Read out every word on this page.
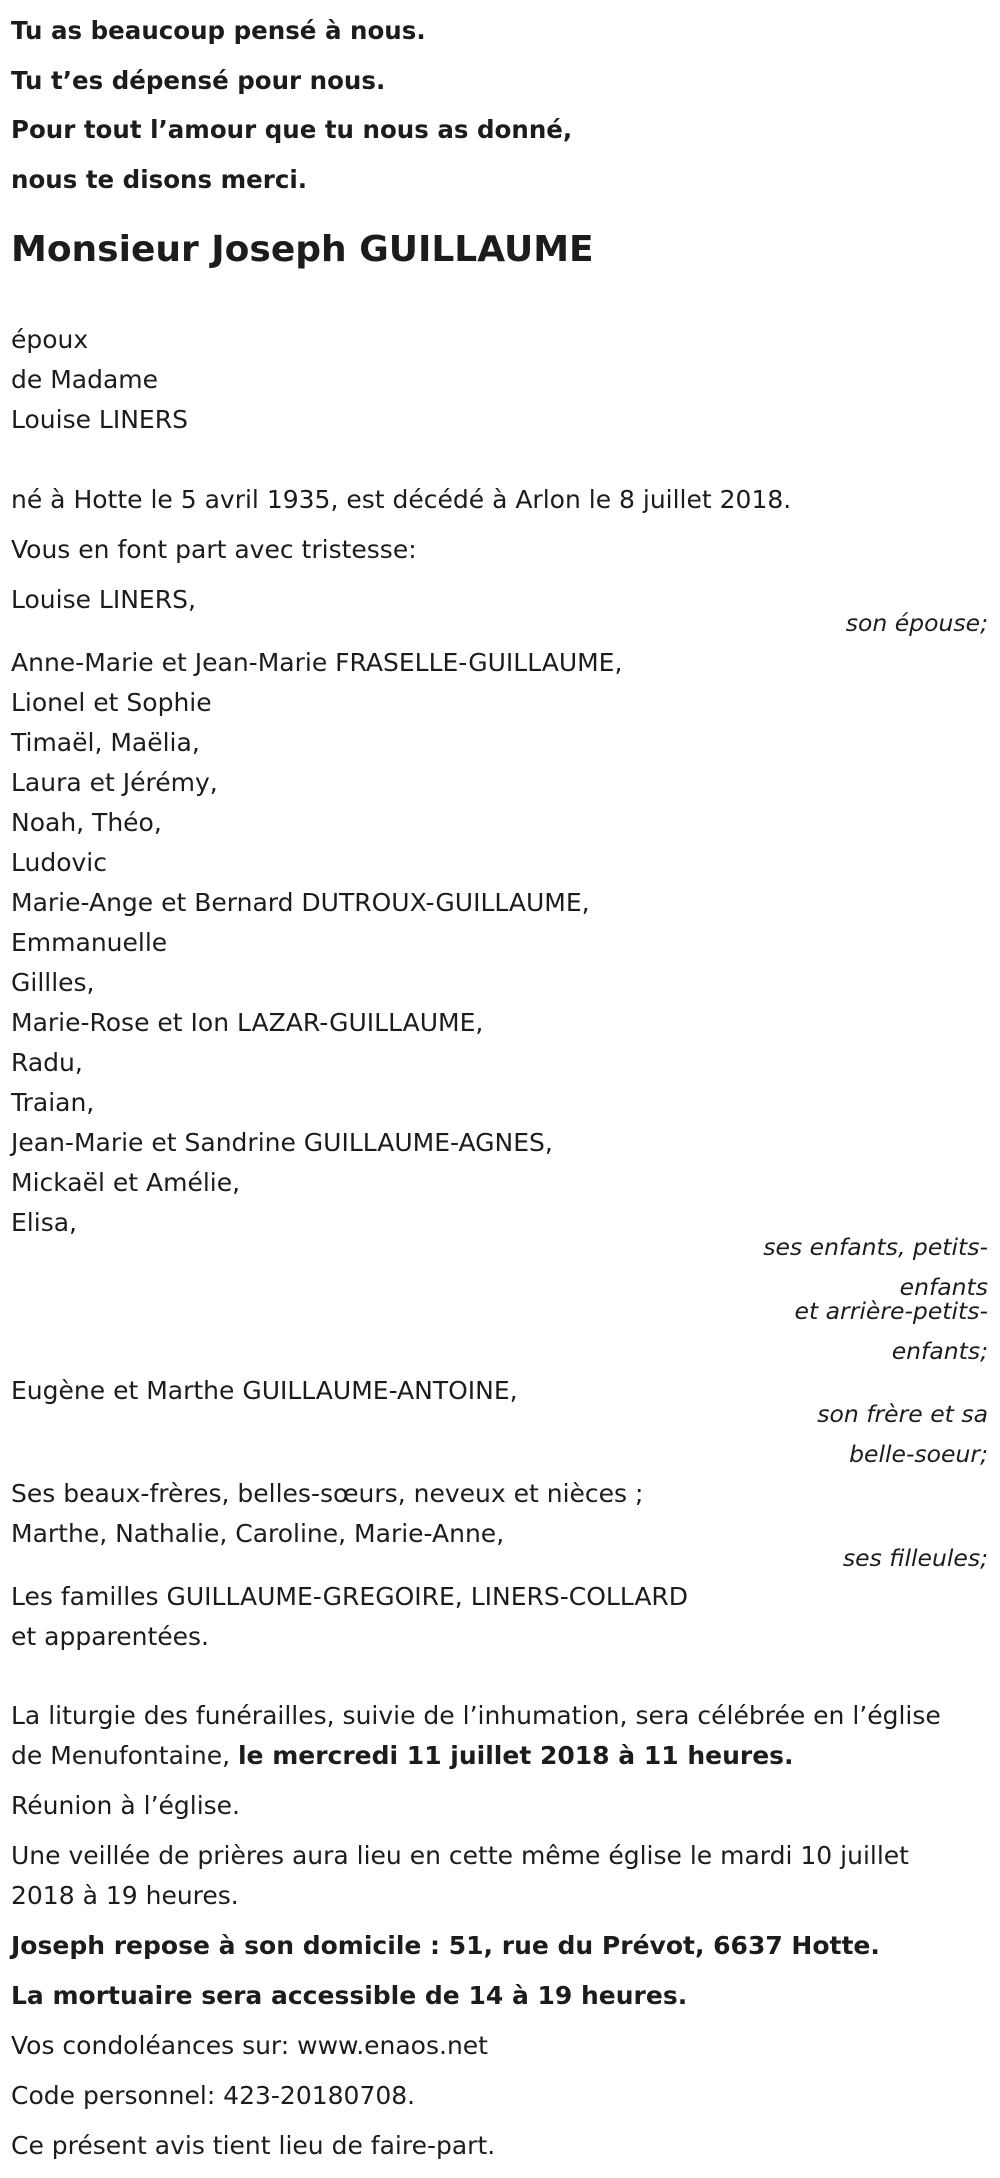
Tu as beaucoup pensé à nous.
Tu t’es dépensé pour nous.
Pour tout l’amour que tu nous as donné,
nous te disons merci.
Monsieur Joseph GUILLAUME
époux
de Madame
Louise LINERS
né à Hotte le 5 avril 1935, est décédé à Arlon le 8 juillet 2018.
Vous en font part avec tristesse:
Louise LINERS,
son épouse;
Anne-Marie et Jean-Marie FRASELLE-GUILLAUME,
Lionel et Sophie
Timaël, Maëlia,
Laura et Jérémy,
Noah, Théo,
Ludovic
Marie-Ange et Bernard DUTROUX-GUILLAUME,
Emmanuelle
Gillles,
Marie-Rose et Ion LAZAR-GUILLAUME,
Radu,
Traian,
Jean-Marie et Sandrine GUILLAUME-AGNES,
Mickaël et Amélie,
Elisa,
ses enfants, petits-
enfants
et arrière-petits-
enfants;
Eugène et Marthe GUILLAUME-ANTOINE,
son frère et sa
belle-soeur;
Ses beaux-frères, belles-sœurs, neveux et nièces ;
Marthe, Nathalie, Caroline, Marie-Anne,
ses filleules;
Les familles GUILLAUME-GREGOIRE, LINERS-COLLARD
et apparentées.
La liturgie des funérailles, suivie de l’inhumation, sera célébrée en l’église
de Menufontaine, le mercredi 11 juillet 2018 à 11 heures.
Réunion à l’église.
Une veillée de prières aura lieu en cette même église le mardi 10 juillet
2018 à 19 heures.
Joseph repose à son domicile : 51, rue du Prévot, 6637 Hotte.
La mortuaire sera accessible de 14 à 19 heures.
Vos condoléances sur: www.enaos.net
Code personnel: 423-20180708.
Ce présent avis tient lieu de faire-part.
